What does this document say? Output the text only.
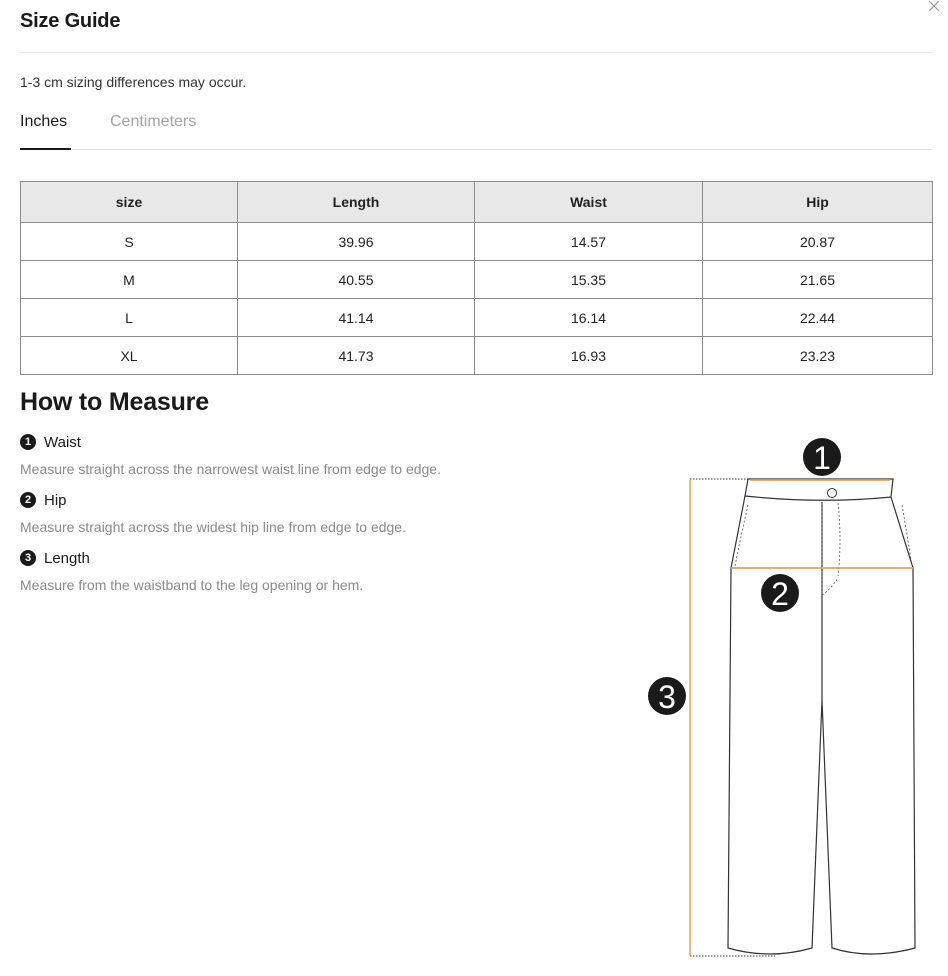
Size Guide
1-3 cm sizing differences may occur.
Inches	Centimeters
size	Length	Waist	Hip
S	39.96	14.57	20.87
M	40.55	15.35	21.65
L	41.14	16.14	22.44
XL	41.73	16.93	23.23
How to Measure
1 Waist
Measure straight across the narrowest waist line from edge to edge.
2 Hip
Measure straight across the widest hip line from edge to edge.
3 Length
Measure from the waistband to the leg opening or hem.
1
2
3
